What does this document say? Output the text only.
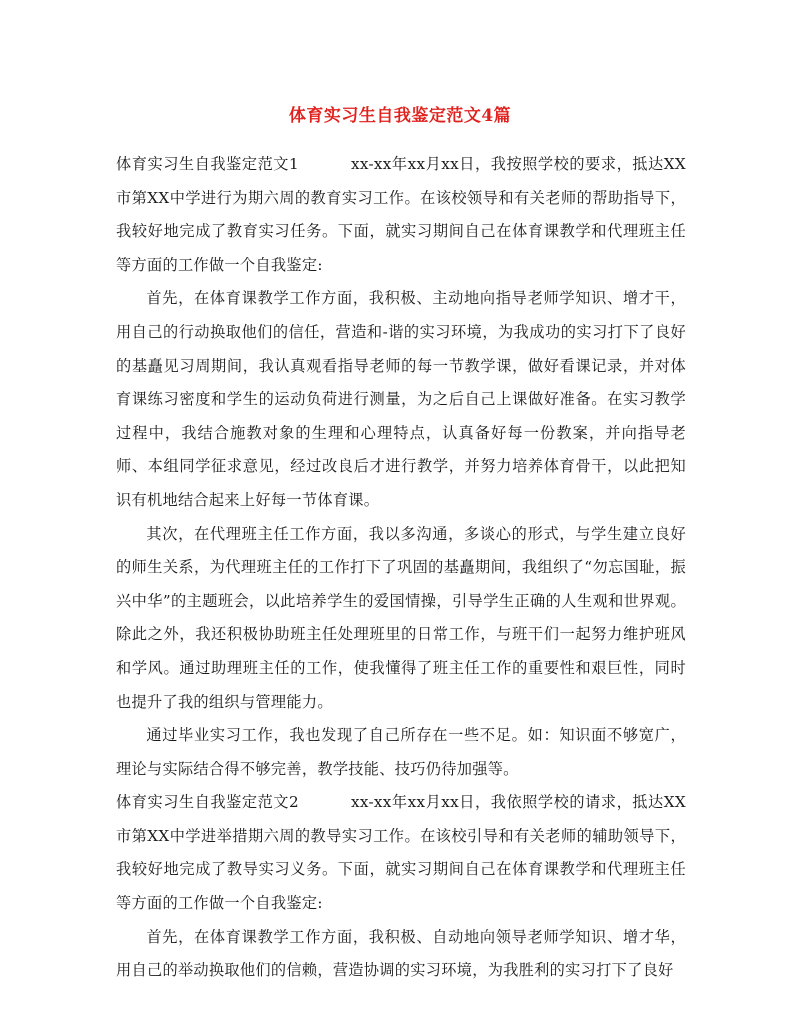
体育实习生自我鉴定范文4篇

体育实习生自我鉴定范文1	xx-xx年xx月xx日，我按照学校的要求，抵达XX市第XX中学进行为期六周的教育实习工作。在该校领导和有关老师的帮助指导下，我较好地完成了教育实习任务。下面，就实习期间自己在体育课教学和代理班主任等方面的工作做一个自我鉴定:

首先，在体育课教学工作方面，我积极、主动地向指导老师学知识、增才干，用自己的行动换取他们的信任，营造和-谐的实习环境，为我成功的实习打下了良好的基矗见习周期间，我认真观看指导老师的每一节教学课，做好看课记录，并对体育课练习密度和学生的运动负荷进行测量，为之后自己上课做好准备。在实习教学过程中，我结合施教对象的生理和心理特点，认真备好每一份教案，并向指导老师、本组同学征求意见，经过改良后才进行教学，并努力培养体育骨干，以此把知识有机地结合起来上好每一节体育课。

其次，在代理班主任工作方面，我以多沟通，多谈心的形式，与学生建立良好的师生关系，为代理班主任的工作打下了巩固的基矗期间，我组织了“勿忘国耻，振兴中华”的主题班会，以此培养学生的爱国情操，引导学生正确的人生观和世界观。除此之外，我还积极协助班主任处理班里的日常工作，与班干们一起努力维护班风和学风。通过助理班主任的工作，使我懂得了班主任工作的重要性和艰巨性，同时也提升了我的组织与管理能力。

通过毕业实习工作，我也发现了自己所存在一些不足。如：知识面不够宽广，理论与实际结合得不够完善，教学技能、技巧仍待加强等。

体育实习生自我鉴定范文2	xx-xx年xx月xx日，我依照学校的请求，抵达XX市第XX中学进举措期六周的教导实习工作。在该校引导和有关老师的辅助领导下，我较好地完成了教导实习义务。下面，就实习期间自己在体育课教学和代理班主任等方面的工作做一个自我鉴定:

首先，在体育课教学工作方面，我积极、自动地向领导老师学知识、增才华，用自己的举动换取他们的信赖，营造协调的实习环境，为我胜利的实习打下了良好
